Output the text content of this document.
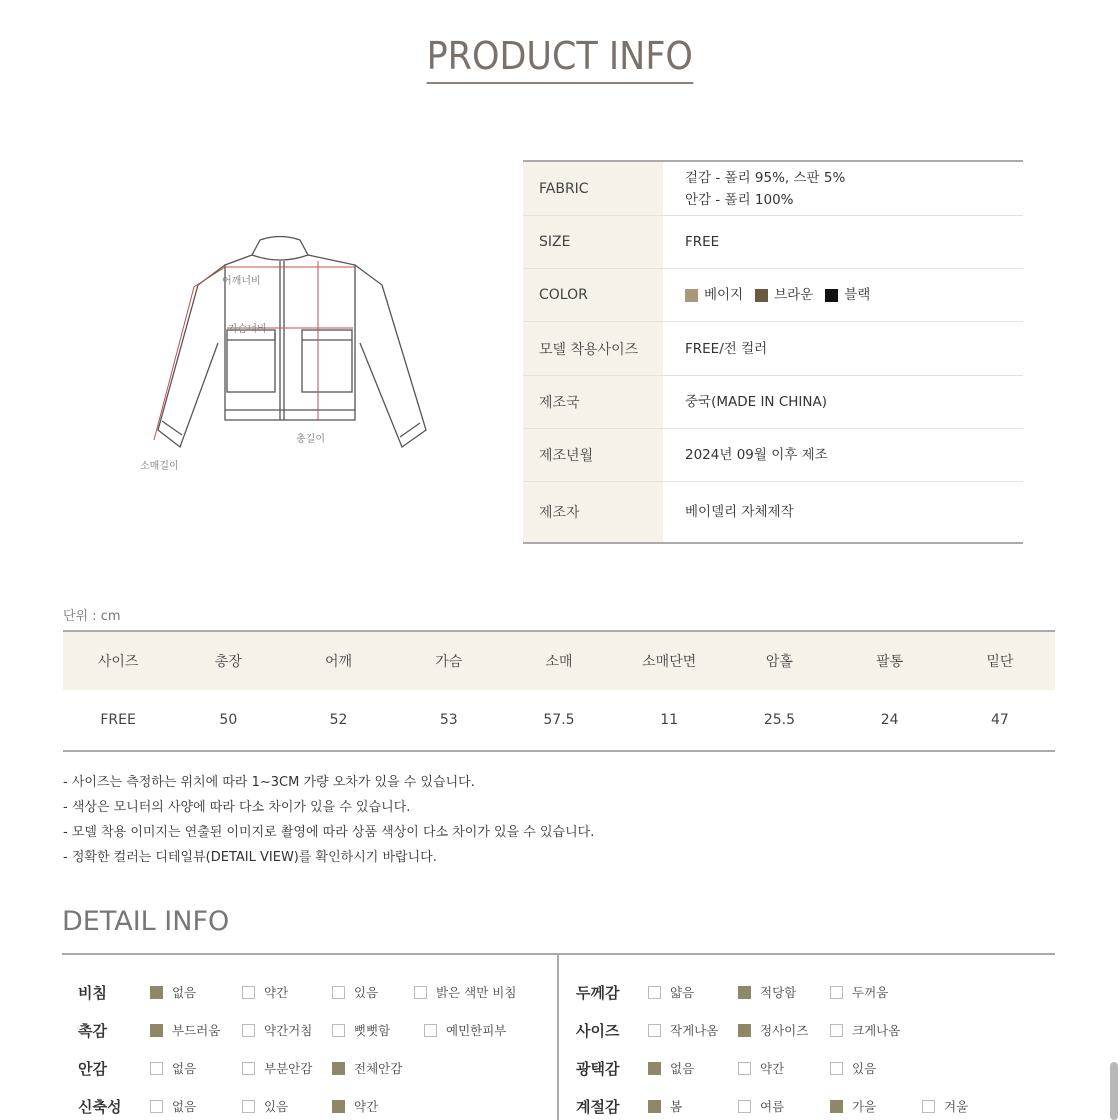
PRODUCT INFO
어깨너비
가슴너비
총길이
소매길이
FABRIC
겉감 - 폴리 95%, 스판 5%
안감 - 폴리 100%
SIZE	FREE
COLOR	베이지 브라운 블랙
모델 착용사이즈	FREE/전 컬러
제조국	중국(MADE IN CHINA)
제조년월	2024년 09월 이후 제조
제조자	베이델리 자체제작
단위 : cm
사이즈	총장	어깨	가슴	소매	소매단면	암홀	팔통	밑단
FREE	50	52	53	57.5	11	25.5	24	47
- 사이즈는 측정하는 위치에 따라 1~3CM 가량 오차가 있을 수 있습니다.
- 색상은 모니터의 사양에 따라 다소 차이가 있을 수 있습니다.
- 모델 착용 이미지는 연출된 이미지로 촬영에 따라 상품 색상이 다소 차이가 있을 수 있습니다.
- 정확한 컬러는 디테일뷰(DETAIL VIEW)를 확인하시기 바랍니다.
DETAIL INFO
비침	없음	약간	있음	밝은 색만 비침
촉감	부드러움	약간거침	뻣뻣함	예민한피부
안감	없음	부분안감	전체안감
신축성	없음	있음	약간
두께감	얇음	적당함	두꺼움
사이즈	작게나옴	정사이즈	크게나옴
광택감	없음	약간	있음
계절감	봄	여름	가을	겨울
